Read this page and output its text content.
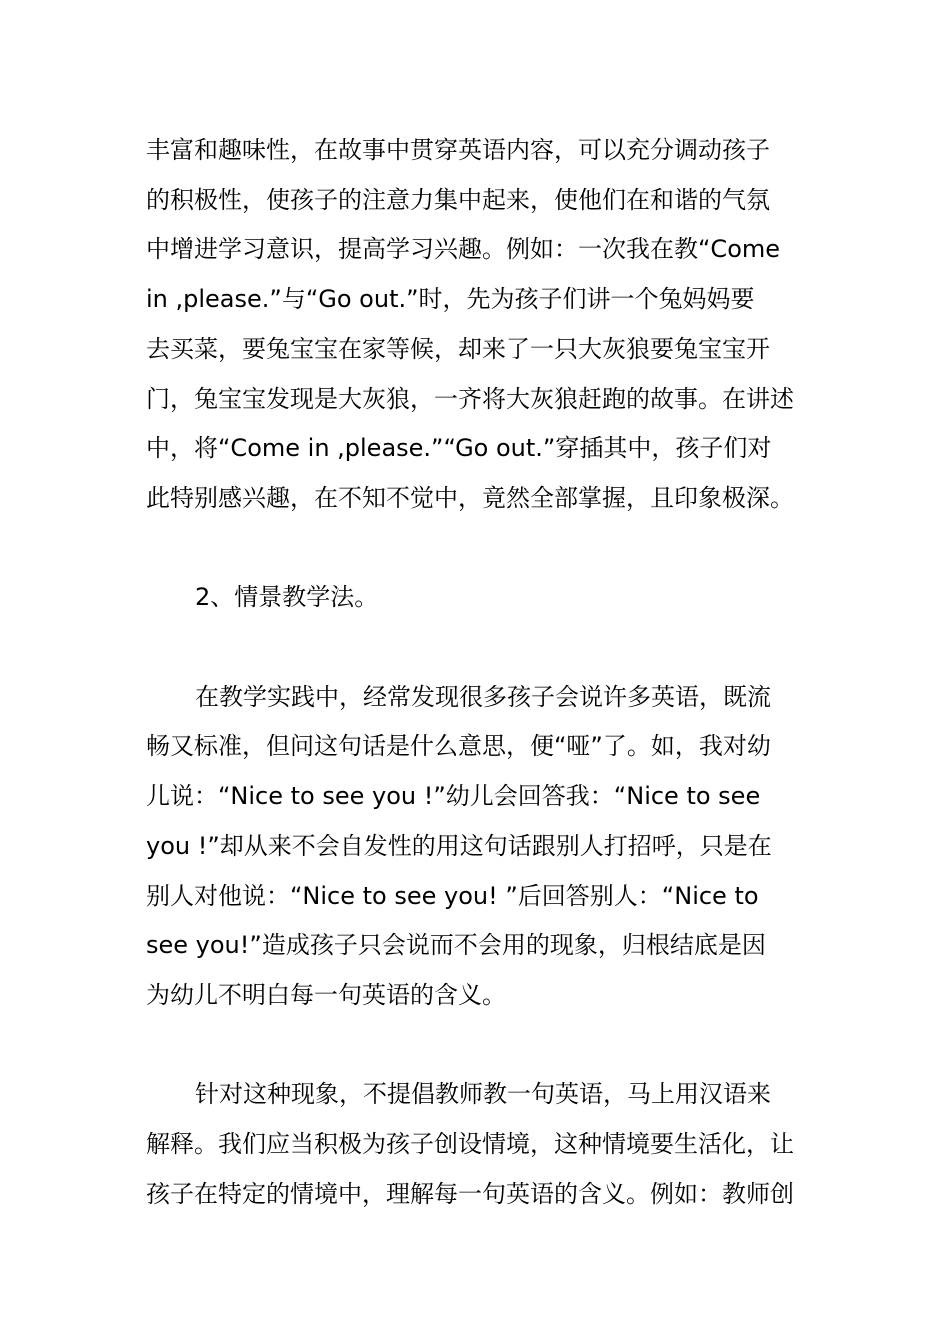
丰富和趣味性，在故事中贯穿英语内容，可以充分调动孩子
的积极性，使孩子的注意力集中起来，使他们在和谐的气氛
中增进学习意识，提高学习兴趣。例如：一次我在教“Come
in ,please.”与“Go out.”时，先为孩子们讲一个兔妈妈要
去买菜，要兔宝宝在家等候，却来了一只大灰狼要兔宝宝开
门，兔宝宝发现是大灰狼，一齐将大灰狼赶跑的故事。在讲述
中，将“Come in ,please.”“Go out.”穿插其中，孩子们对
此特别感兴趣，在不知不觉中，竟然全部掌握，且印象极深。

2、情景教学法。

在教学实践中，经常发现很多孩子会说许多英语，既流
畅又标准，但问这句话是什么意思，便“哑”了。如，我对幼
儿说：“Nice to see you !”幼儿会回答我：“Nice to see
you !”却从来不会自发性的用这句话跟别人打招呼，只是在
别人对他说：“Nice to see you! ”后回答别人：“Nice to
see you!”造成孩子只会说而不会用的现象，归根结底是因
为幼儿不明白每一句英语的含义。

针对这种现象，不提倡教师教一句英语，马上用汉语来
解释。我们应当积极为孩子创设情境，这种情境要生活化，让
孩子在特定的情境中，理解每一句英语的含义。例如：教师创
